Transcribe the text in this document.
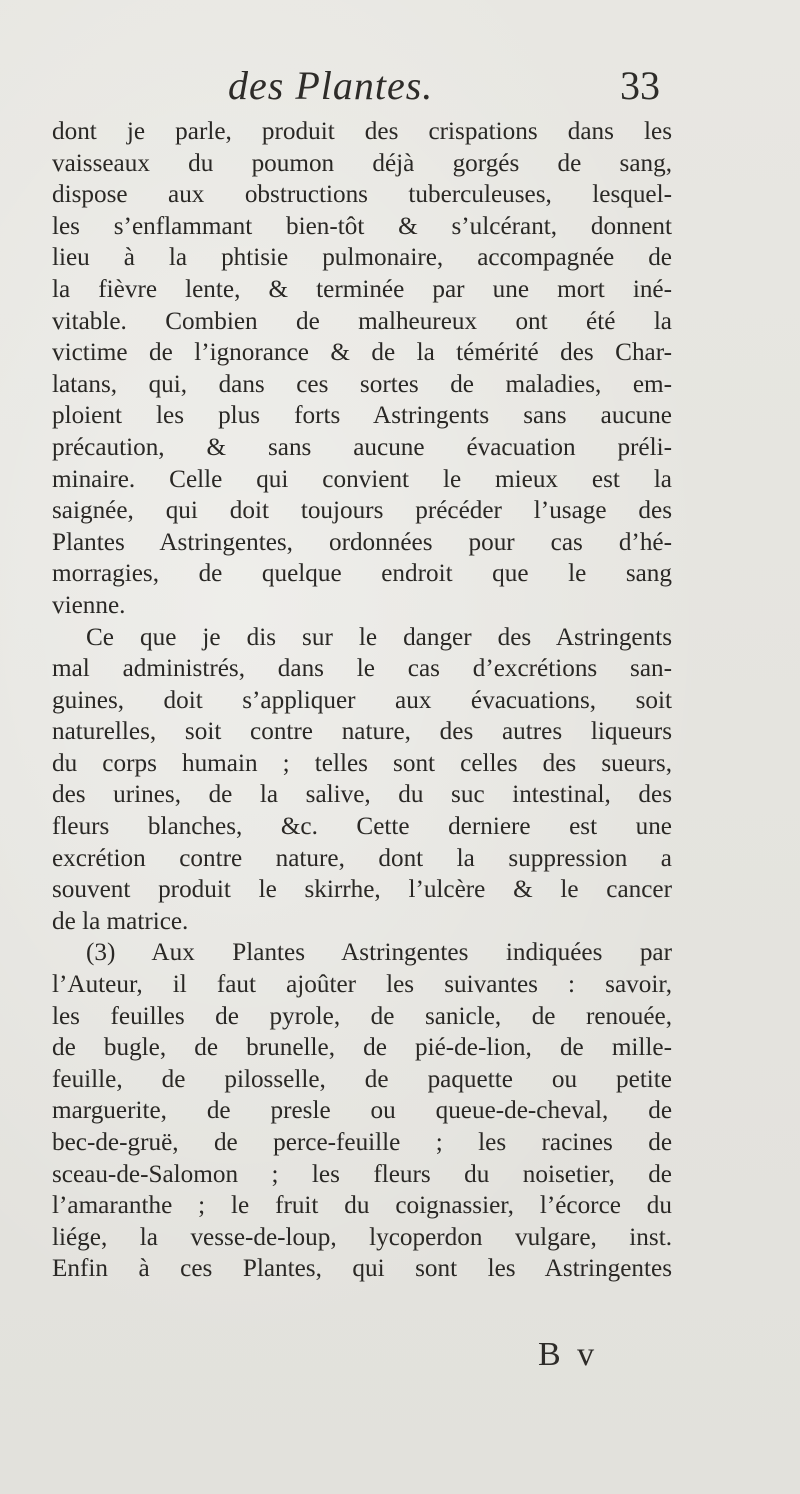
des Plantes.	33
dont je parle, produit des crispations dans les
vaisseaux du poumon déjà gorgés de sang,
dispose aux obstructions tuberculeuses, lesquel-
les s’enflammant bien-tôt & s’ulcérant, donnent
lieu à la phtisie pulmonaire, accompagnée de
la fièvre lente, & terminée par une mort iné-
vitable. Combien de malheureux ont été la
victime de l’ignorance & de la témérité des Char-
latans, qui, dans ces sortes de maladies, em-
ploient les plus forts Astringents sans aucune
précaution, & sans aucune évacuation préli-
minaire. Celle qui convient le mieux est la
saignée, qui doit toujours précéder l’usage des
Plantes Astringentes, ordonnées pour cas d’hé-
morragies, de quelque endroit que le sang
vienne.
Ce que je dis sur le danger des Astringents
mal administrés, dans le cas d’excrétions san-
guines, doit s’appliquer aux évacuations, soit
naturelles, soit contre nature, des autres liqueurs
du corps humain ; telles sont celles des sueurs,
des urines, de la salive, du suc intestinal, des
fleurs blanches, &c. Cette derniere est une
excrétion contre nature, dont la suppression a
souvent produit le skirrhe, l’ulcère & le cancer
de la matrice.
(3) Aux Plantes Astringentes indiquées par
l’Auteur, il faut ajoûter les suivantes : savoir,
les feuilles de pyrole, de sanicle, de renouée,
de bugle, de brunelle, de pié-de-lion, de mille-
feuille, de pilosselle, de paquette ou petite
marguerite, de presle ou queue-de-cheval, de
bec-de-gruë, de perce-feuille ; les racines de
sceau-de-Salomon ; les fleurs du noisetier, de
l’amaranthe ; le fruit du coignassier, l’écorce du
liége, la vesse-de-loup, lycoperdon vulgare, inst.
Enfin à ces Plantes, qui sont les Astringentes
B v
